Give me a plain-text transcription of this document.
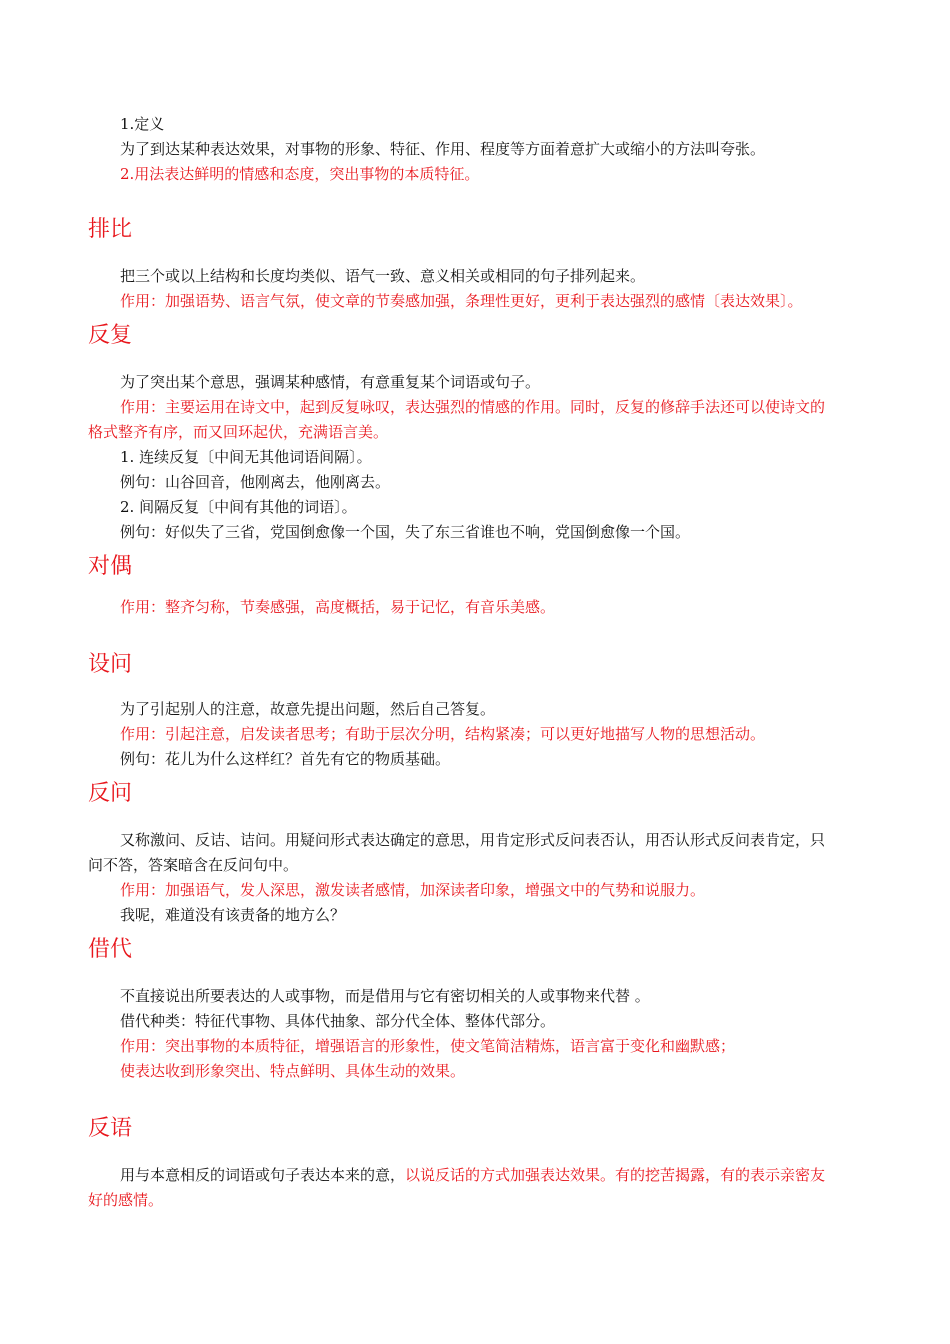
1.定义

为了到达某种表达效果，对事物的形象、特征、作用、程度等方面着意扩大或缩小的方法叫夸张。

2.用法表达鲜明的情感和态度，突出事物的本质特征。

排比

把三个或以上结构和长度均类似、语气一致、意义相关或相同的句子排列起来。

作用：加强语势、语言气氛，使文章的节奏感加强，条理性更好，更利于表达强烈的感情〔表达效果〕。

反复

为了突出某个意思，强调某种感情，有意重复某个词语或句子。

作用：主要运用在诗文中，起到反复咏叹，表达强烈的情感的作用。同时，反复的修辞手法还可以使诗文的格式整齐有序，而又回环起伏，充满语言美。

1. 连续反复〔中间无其他词语间隔〕。

例句：山谷回音，他刚离去，他刚离去。

2. 间隔反复〔中间有其他的词语〕。

例句：好似失了三省，党国倒愈像一个国，失了东三省谁也不响，党国倒愈像一个国。

对偶

作用：整齐匀称，节奏感强，高度概括，易于记忆，有音乐美感。

设问

为了引起别人的注意，故意先提出问题，然后自己答复。

作用：引起注意，启发读者思考；有助于层次分明，结构紧凑；可以更好地描写人物的思想活动。

例句：花儿为什么这样红？首先有它的物质基础。

反问

又称激问、反诘、诘问。用疑问形式表达确定的意思，用肯定形式反问表否认，用否认形式反问表肯定，只问不答，答案暗含在反问句中。

作用：加强语气，发人深思，激发读者感情，加深读者印象，增强文中的气势和说服力。

我呢，难道没有该责备的地方么？

借代

不直接说出所要表达的人或事物，而是借用与它有密切相关的人或事物来代替 。

借代种类：特征代事物、具体代抽象、部分代全体、整体代部分。

作用：突出事物的本质特征，增强语言的形象性，使文笔简洁精炼，语言富于变化和幽默感；

使表达收到形象突出、特点鲜明、具体生动的效果。

反语

用与本意相反的词语或句子表达本来的意，以说反话的方式加强表达效果。有的挖苦揭露，有的表示亲密友好的感情。
